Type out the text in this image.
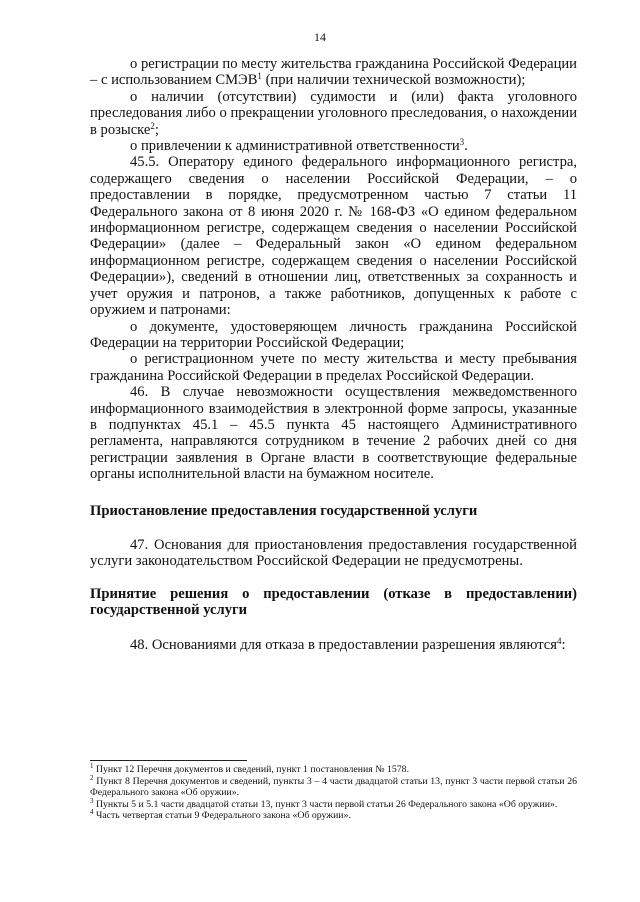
14

о регистрации по месту жительства гражданина Российской Федерации – с использованием СМЭВ$^1$ (при наличии технической возможности);

о наличии (отсутствии) судимости и (или) факта уголовного преследования либо о прекращении уголовного преследования, о нахождении в розыске$^2$;

о привлечении к административной ответственности$^3$.

45.5. Оператору единого федерального информационного регистра, содержащего сведения о населении Российской Федерации, – о предоставлении в порядке, предусмотренном частью 7 статьи 11 Федерального закона от 8 июня 2020 г. № 168-ФЗ «О едином федеральном информационном регистре, содержащем сведения о населении Российской Федерации» (далее – Федеральный закон «О едином федеральном информационном регистре, содержащем сведения о населении Российской Федерации»), сведений в отношении лиц, ответственных за сохранность и учет оружия и патронов, а также работников, допущенных к работе с оружием и патронами:

о документе, удостоверяющем личность гражданина Российской Федерации на территории Российской Федерации;

о регистрационном учете по месту жительства и месту пребывания гражданина Российской Федерации в пределах Российской Федерации.

46. В случае невозможности осуществления межведомственного информационного взаимодействия в электронной форме запросы, указанные в подпунктах 45.1 – 45.5 пункта 45 настоящего Административного регламента, направляются сотрудником в течение 2 рабочих дней со дня регистрации заявления в Органе власти в соответствующие федеральные органы исполнительной власти на бумажном носителе.

Приостановление предоставления государственной услуги

47. Основания для приостановления предоставления государственной услуги законодательством Российской Федерации не предусмотрены.

Принятие решения о предоставлении (отказе в предоставлении) государственной услуги

48. Основаниями для отказа в предоставлении разрешения являются$^4$:

$^1$ Пункт 12 Перечня документов и сведений, пункт 1 постановления № 1578.

$^2$ Пункт 8 Перечня документов и сведений, пункты 3 – 4 части двадцатой статьи 13, пункт 3 части первой статьи 26 Федерального закона «Об оружии».

$^3$ Пункты 5 и 5.1 части двадцатой статьи 13, пункт 3 части первой статьи 26 Федерального закона «Об оружии».

$^4$ Часть четвертая статьи 9 Федерального закона «Об оружии».
